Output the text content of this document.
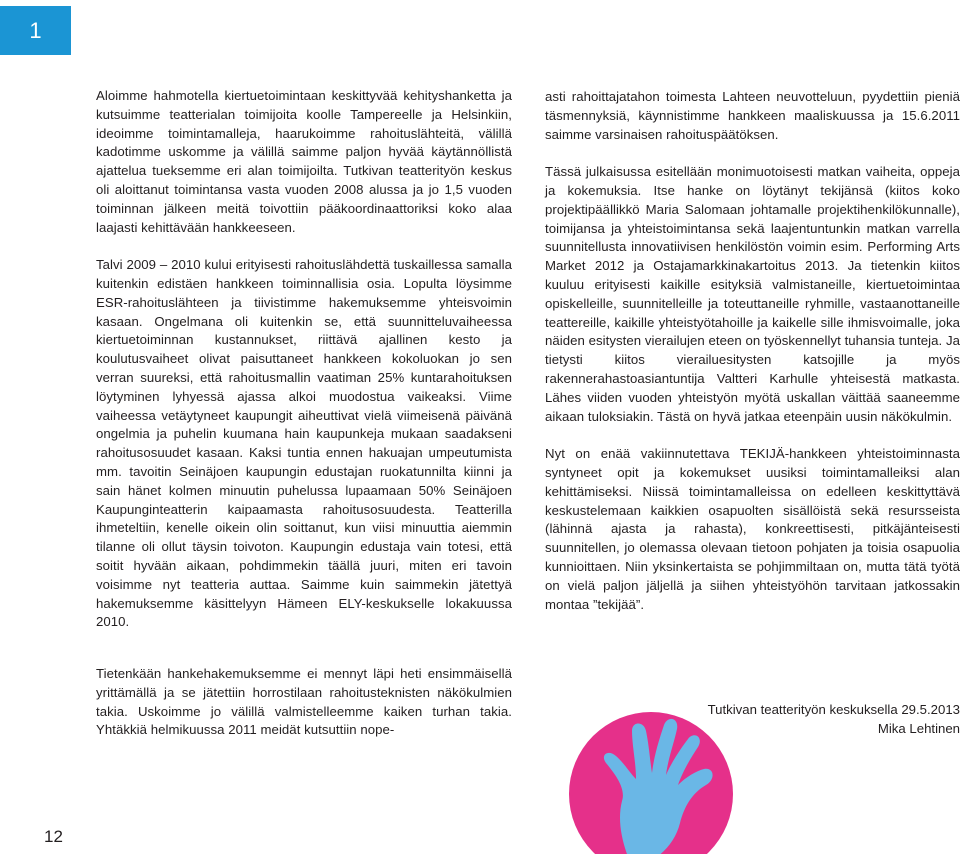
1

Aloimme hahmotella kiertuetoimintaan keskittyvää kehityshanketta ja kutsuimme teatterialan toimijoita koolle Tampereelle ja Helsinkiin, ideoimme toimintamalleja, haarukoimme rahoituslähteitä, välillä kadotimme uskomme ja välillä saimme paljon hyvää käytännöllistä ajattelua tueksemme eri alan toimijoilta. Tutkivan teatterityön keskus oli aloittanut toimintansa vasta vuoden 2008 alussa ja jo 1,5 vuoden toiminnan jälkeen meitä toivottiin pääkoordinaattoriksi koko alaa laajasti kehittävään hankkeeseen.

Talvi 2009 – 2010 kului erityisesti rahoituslähdettä tuskaillessa samalla kuitenkin edistäen hankkeen toiminnallisia osia. Lopulta löysimme ESR-rahoituslähteen ja tiivistimme hakemuksemme yhteisvoimin kasaan. Ongelmana oli kuitenkin se, että suunnitteluvaiheessa kiertuetoiminnan kustannukset, riittävä ajallinen kesto ja koulutusvaiheet olivat paisuttaneet hankkeen kokoluokan jo sen verran suureksi, että rahoitusmallin vaatiman 25% kuntarahoituksen löytyminen lyhyessä ajassa alkoi muodostua vaikeaksi. Viime vaiheessa vetäytyneet kaupungit aiheuttivat vielä viimeisenä päivänä ongelmia ja puhelin kuumana hain kaupunkeja mukaan saadakseni rahoitusosuudet kasaan. Kaksi tuntia ennen hakuajan umpeutumista mm. tavoitin Seinäjoen kaupungin edustajan ruokatunnilta kiinni ja sain hänet kolmen minuutin puhelussa lupaamaan 50% Seinäjoen Kaupunginteatterin kaipaamasta rahoitusosuudesta. Teatterilla ihmeteltiin, kenelle oikein olin soittanut, kun viisi minuuttia aiemmin tilanne oli ollut täysin toivoton. Kaupungin edustaja vain totesi, että soitit hyvään aikaan, pohdimmekin täällä juuri, miten eri tavoin voisimme nyt teatteria auttaa. Saimme kuin saimmekin jätettyä hakemuksemme käsittelyyn Hämeen ELY-keskukselle lokakuussa 2010.

Tietenkään hankehakemuksemme ei mennyt läpi heti ensimmäisellä yrittämällä ja se jätettiin horrostilaan rahoitusteknisten näkökulmien takia. Uskoimme jo välillä valmistelleemme kaiken turhan takia. Yhtäkkiä helmikuussa 2011 meidät kutsuttiin nope-

asti rahoittajatahon toimesta Lahteen neuvotteluun, pyydettiin pieniä täsmennyksiä, käynnistimme hankkeen maaliskuussa ja 15.6.2011 saimme varsinaisen rahoituspäätöksen.

Tässä julkaisussa esitellään monimuotoisesti matkan vaiheita, oppeja ja kokemuksia. Itse hanke on löytänyt tekijänsä (kiitos koko projektipäällikkö Maria Salomaan johtamalle projektihenkilökunnalle), toimijansa ja yhteistoimintansa sekä laajentuntunkin matkan varrella suunnitellusta innovatiivisen henkilöstön voimin esim. Performing Arts Market 2012 ja Ostajamarkkinakartoitus 2013. Ja tietenkin kiitos kuuluu erityisesti kaikille esityksiä valmistaneille, kiertuetoimintaa opiskelleille, suunnitelleille ja toteuttaneille ryhmille, vastaanottaneille teattereille, kaikille yhteistyötahoille ja kaikelle sille ihmisvoimalle, joka näiden esitysten vierailujen eteen on työskennellyt tuhansia tunteja. Ja tietysti kiitos vierailuesitysten katsojille ja myös rakennerahastoasiantuntija Valtteri Karhulle yhteisestä matkasta. Lähes viiden vuoden yhteistyön myötä uskallan väittää saaneemme aikaan tuloksiakin. Tästä on hyvä jatkaa eteenpäin uusin näkökulmin.

Nyt on enää vakiinnutettava TEKIJÄ-hankkeen yhteistoiminnasta syntyneet opit ja kokemukset uusiksi toimintamalleiksi alan kehittämiseksi. Niissä toimintamalleissa on edelleen keskittyttävä keskustelemaan kaikkien osapuolten sisällöistä sekä resursseista (lähinnä ajasta ja rahasta), konkreettisesti, pitkäjänteisesti suunnitellen, jo olemassa olevaan tietoon pohjaten ja toisia osapuolia kunnioittaen. Niin yksinkertaista se pohjimmiltaan on, mutta tätä työtä on vielä paljon jäljellä ja siihen yhteistyöhön tarvitaan jatkossakin montaa ”tekijää”.

Tutkivan teatterityön keskuksella 29.5.2013
Mika Lehtinen
12
